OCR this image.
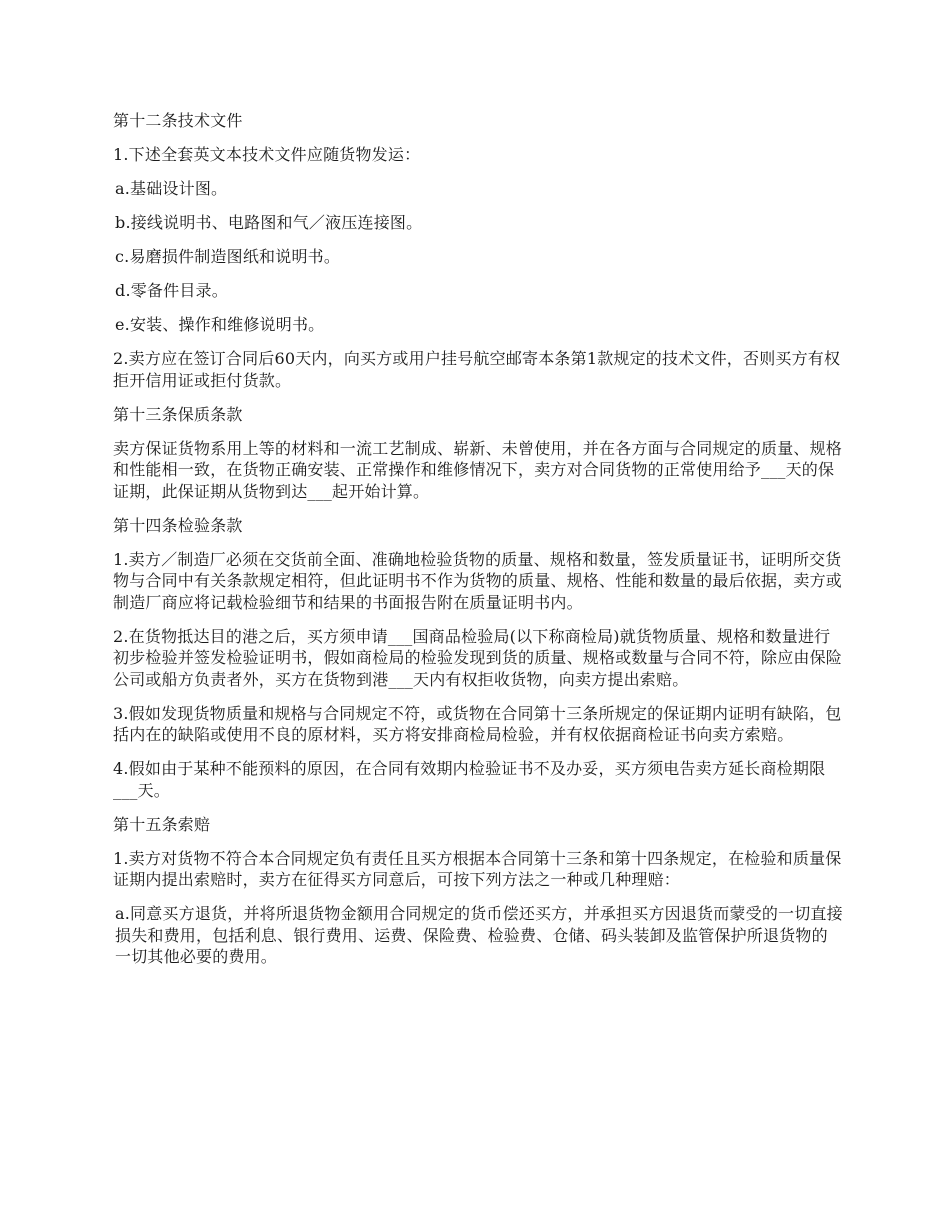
第十二条技术文件

1.下述全套英文本技术文件应随货物发运：

a.基础设计图。

b.接线说明书、电路图和气／液压连接图。

c.易磨损件制造图纸和说明书。

d.零备件目录。

e.安装、操作和维修说明书。

2.卖方应在签订合同后60天内，向买方或用户挂号航空邮寄本条第1款规定的技术文件，否则买方有权拒开信用证或拒付货款。

第十三条保质条款

卖方保证货物系用上等的材料和一流工艺制成、崭新、未曾使用，并在各方面与合同规定的质量、规格和性能相一致，在货物正确安装、正常操作和维修情况下，卖方对合同货物的正常使用给予___天的保证期，此保证期从货物到达___起开始计算。

第十四条检验条款

1.卖方／制造厂必须在交货前全面、准确地检验货物的质量、规格和数量，签发质量证书，证明所交货物与合同中有关条款规定相符，但此证明书不作为货物的质量、规格、性能和数量的最后依据，卖方或制造厂商应将记载检验细节和结果的书面报告附在质量证明书内。

2.在货物抵达目的港之后，买方须申请___国商品检验局(以下称商检局)就货物质量、规格和数量进行初步检验并签发检验证明书，假如商检局的检验发现到货的质量、规格或数量与合同不符，除应由保险公司或船方负责者外，买方在货物到港___天内有权拒收货物，向卖方提出索赔。

3.假如发现货物质量和规格与合同规定不符，或货物在合同第十三条所规定的保证期内证明有缺陷，包括内在的缺陷或使用不良的原材料，买方将安排商检局检验，并有权依据商检证书向卖方索赔。

4.假如由于某种不能预料的原因，在合同有效期内检验证书不及办妥，买方须电告卖方延长商检期限___天。

第十五条索赔

1.卖方对货物不符合本合同规定负有责任且买方根据本合同第十三条和第十四条规定，在检验和质量保证期内提出索赔时，卖方在征得买方同意后，可按下列方法之一种或几种理赔：

a.同意买方退货，并将所退货物金额用合同规定的货币偿还买方，并承担买方因退货而蒙受的一切直接损失和费用，包括利息、银行费用、运费、保险费、检验费、仓储、码头装卸及监管保护所退货物的一切其他必要的费用。
